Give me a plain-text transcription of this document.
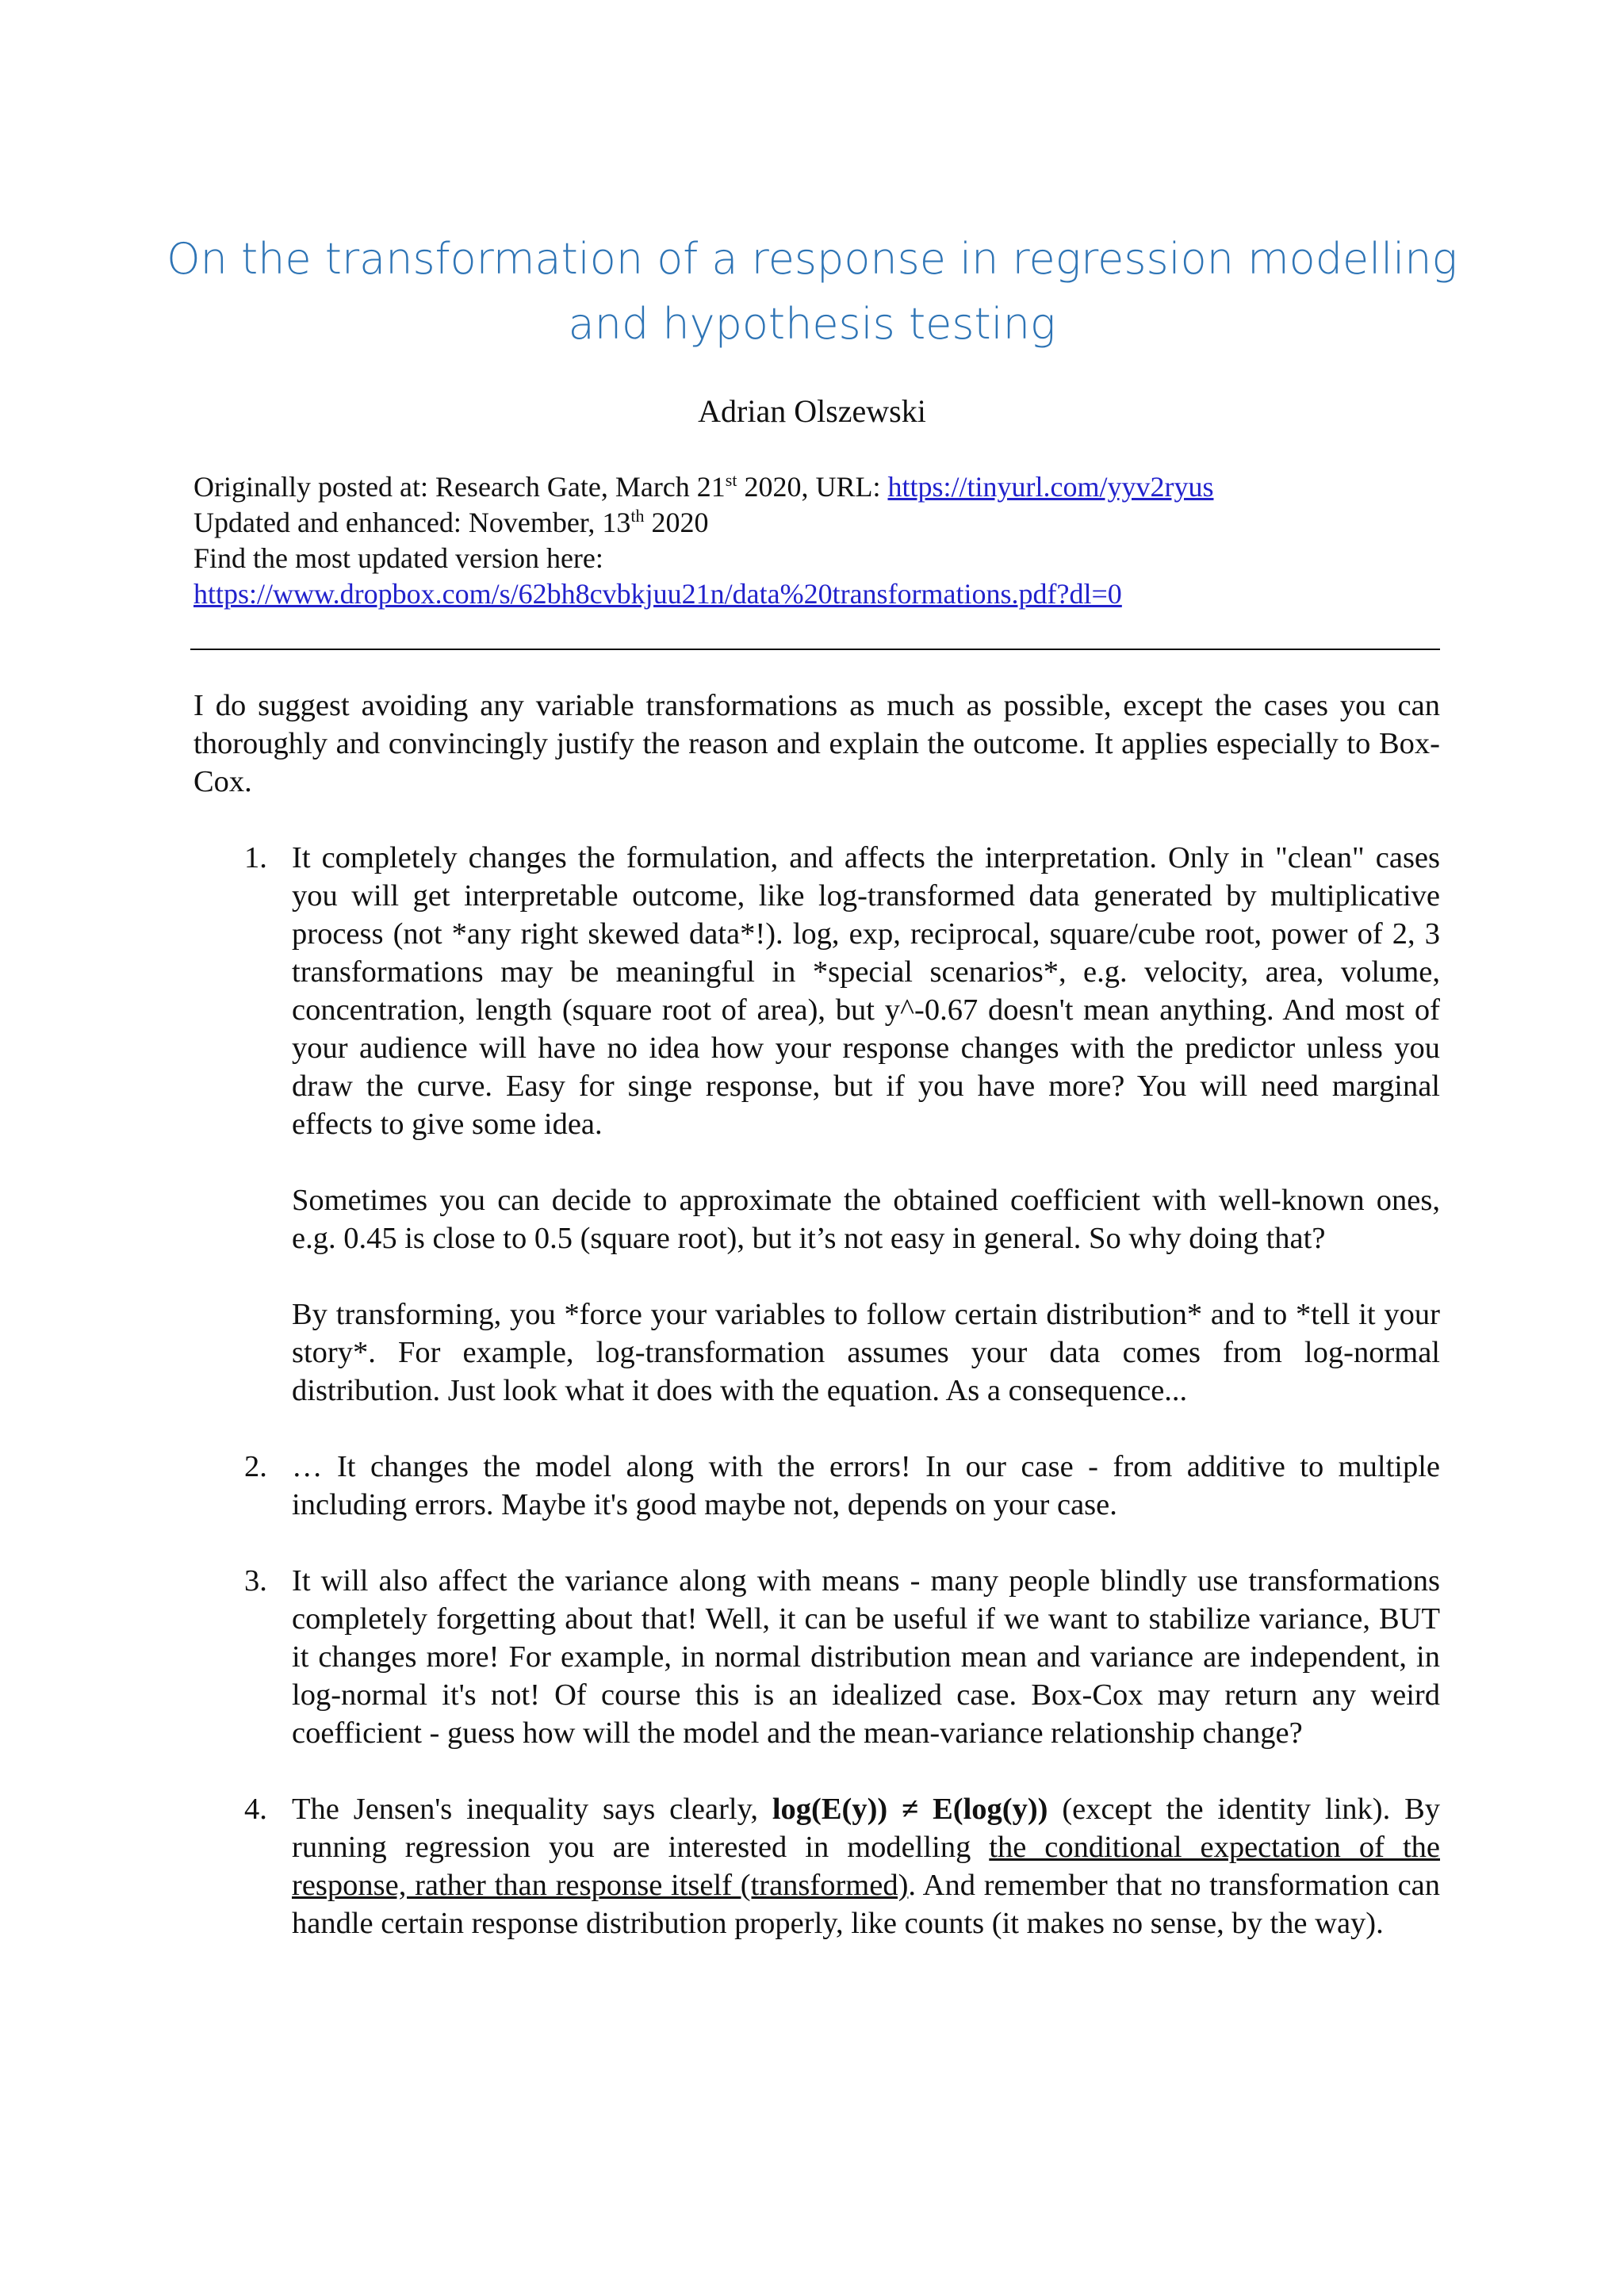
On the transformation of a response in regression modelling
and hypothesis testing
Adrian Olszewski
Originally posted at: Research Gate, March 21st 2020, URL: https://tinyurl.com/yyv2ryus
Updated and enhanced: November, 13th 2020
Find the most updated version here:
https://www.dropbox.com/s/62bh8cvbkjuu21n/data%20transformations.pdf?dl=0
I do suggest avoiding any variable transformations as much as possible, except the cases you can thoroughly and convincingly justify the reason and explain the outcome. It applies especially to Box-Cox.
1. It completely changes the formulation, and affects the interpretation. Only in "clean" cases you will get interpretable outcome, like log-transformed data generated by multiplicative process (not *any right skewed data*!). log, exp, reciprocal, square/cube root, power of 2, 3 transformations may be meaningful in *special scenarios*, e.g. velocity, area, volume, concentration, length (square root of area), but y^-0.67 doesn't mean anything. And most of your audience will have no idea how your response changes with the predictor unless you draw the curve. Easy for singe response, but if you have more? You will need marginal effects to give some idea.

Sometimes you can decide to approximate the obtained coefficient with well-known ones, e.g. 0.45 is close to 0.5 (square root), but it’s not easy in general. So why doing that?

By transforming, you *force your variables to follow certain distribution* and to *tell it your story*. For example, log-transformation assumes your data comes from log-normal distribution. Just look what it does with the equation. As a consequence...

2. … It changes the model along with the errors! In our case - from additive to multiple including errors. Maybe it's good maybe not, depends on your case.

3. It will also affect the variance along with means - many people blindly use transformations completely forgetting about that! Well, it can be useful if we want to stabilize variance, BUT it changes more! For example, in normal distribution mean and variance are independent, in log-normal it's not! Of course this is an idealized case. Box-Cox may return any weird coefficient - guess how will the model and the mean-variance relationship change?

4. The Jensen's inequality says clearly, log(E(y)) ≠ E(log(y)) (except the identity link). By running regression you are interested in modelling the conditional expectation of the response, rather than response itself (transformed). And remember that no transformation can handle certain response distribution properly, like counts (it makes no sense, by the way).
